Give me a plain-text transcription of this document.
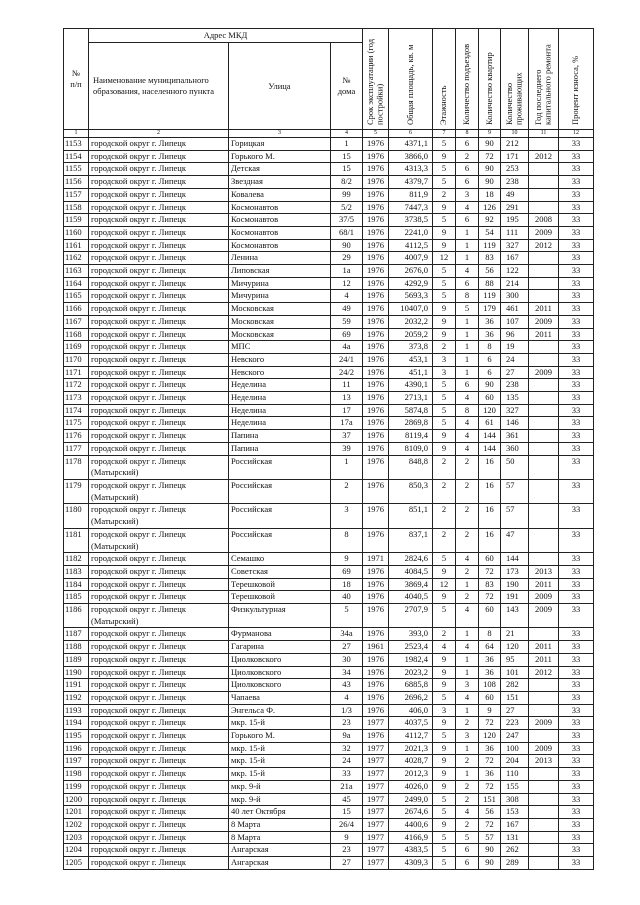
№ п/п	Адрес МКД			Срок эксплуатации (год постройки)	Общая площадь, кв. м	Этажность	Количество подъездов	Количество квартир	Количество проживающих	Год последнего капитального ремонта	Процент износа, %
	Наименование муниципального образования, населенного пункта	Улица	№ дома								
1	2	3	4	5	6	7	8	9	10	11	12
1153	городской округ г. Липецк	Горицкая	1	1976	4371,1	5	6	90	212		33
1154	городской округ г. Липецк	Горького М.	15	1976	3866,0	9	2	72	171	2012	33
1155	городской округ г. Липецк	Детская	15	1976	4313,3	5	6	90	253		33
1156	городской округ г. Липецк	Звездная	8/2	1976	4379,7	5	6	90	238		33
1157	городской округ г. Липецк	Ковалева	99	1976	811,9	2	3	18	49		33
1158	городской округ г. Липецк	Космонавтов	5/2	1976	7447,3	9	4	126	291		33
1159	городской округ г. Липецк	Космонавтов	37/5	1976	3738,5	5	6	92	195	2008	33
1160	городской округ г. Липецк	Космонавтов	68/1	1976	2241,0	9	1	54	111	2009	33
1161	городской округ г. Липецк	Космонавтов	90	1976	4112,5	9	1	119	327	2012	33
1162	городской округ г. Липецк	Ленина	29	1976	4007,9	12	1	83	167		33
1163	городской округ г. Липецк	Липовская	1а	1976	2676,0	5	4	56	122		33
1164	городской округ г. Липецк	Мичурина	12	1976	4292,9	5	6	88	214		33
1165	городской округ г. Липецк	Мичурина	4	1976	5693,3	5	8	119	300		33
1166	городской округ г. Липецк	Московская	49	1976	10407,0	9	5	179	461	2011	33
1167	городской округ г. Липецк	Московская	59	1976	2032,2	9	1	36	107	2009	33
1168	городской округ г. Липецк	Московская	69	1976	2059,2	9	1	36	96	2011	33
1169	городской округ г. Липецк	МПС	4а	1976	373,8	2	1	8	19		33
1170	городской округ г. Липецк	Невского	24/1	1976	453,1	3	1	6	24		33
1171	городской округ г. Липецк	Невского	24/2	1976	451,1	3	1	6	27	2009	33
1172	городской округ г. Липецк	Неделина	11	1976	4390,1	5	6	90	238		33
1173	городской округ г. Липецк	Неделина	13	1976	2713,1	5	4	60	135		33
1174	городской округ г. Липецк	Неделина	17	1976	5874,8	5	8	120	327		33
1175	городской округ г. Липецк	Неделина	17а	1976	2869,8	5	4	61	146		33
1176	городской округ г. Липецк	Папина	37	1976	8119,4	9	4	144	361		33
1177	городской округ г. Липецк	Папина	39	1976	8109,0	9	4	144	360		33
1178	городской округ г. Липецк (Матырский)	Российская	1	1976	848,8	2	2	16	50		33
1179	городской округ г. Липецк (Матырский)	Российская	2	1976	850,3	2	2	16	57		33
1180	городской округ г. Липецк (Матырский)	Российская	3	1976	851,1	2	2	16	57		33
1181	городской округ г. Липецк (Матырский)	Российская	8	1976	837,1	2	2	16	47		33
1182	городской округ г. Липецк	Семашко	9	1971	2824,6	5	4	60	144		33
1183	городской округ г. Липецк	Советская	69	1976	4084,5	9	2	72	173	2013	33
1184	городской округ г. Липецк	Терешковой	18	1976	3869,4	12	1	83	190	2011	33
1185	городской округ г. Липецк	Терешковой	40	1976	4040,5	9	2	72	191	2009	33
1186	городской округ г. Липецк (Матырский)	Физкультурная	5	1976	2707,9	5	4	60	143	2009	33
1187	городской округ г. Липецк	Фурманова	34а	1976	393,0	2	1	8	21		33
1188	городской округ г. Липецк	Гагарина	27	1961	2523,4	4	4	64	120	2011	33
1189	городской округ г. Липецк	Циолковского	30	1976	1982,4	9	1	36	95	2011	33
1190	городской округ г. Липецк	Циолковского	34	1976	2023,2	9	1	36	101	2012	33
1191	городской округ г. Липецк	Циолковского	43	1976	6885,8	9	3	108	282		33
1192	городской округ г. Липецк	Чапаева	4	1976	2696,2	5	4	60	151		33
1193	городской округ г. Липецк	Энгельса Ф.	1/3	1976	406,0	3	1	9	27		33
1194	городской округ г. Липецк	мкр. 15-й	23	1977	4037,5	9	2	72	223	2009	33
1195	городской округ г. Липецк	Горького М.	9а	1976	4112,7	5	3	120	247		33
1196	городской округ г. Липецк	мкр. 15-й	32	1977	2021,3	9	1	36	100	2009	33
1197	городской округ г. Липецк	мкр. 15-й	24	1977	4028,7	9	2	72	204	2013	33
1198	городской округ г. Липецк	мкр. 15-й	33	1977	2012,3	9	1	36	110		33
1199	городской округ г. Липецк	мкр. 9-й	21а	1977	4026,0	9	2	72	155		33
1200	городской округ г. Липецк	мкр. 9-й	45	1977	2499,0	5	2	151	308		33
1201	городской округ г. Липецк	40 лет Октября	15	1977	2674,6	5	4	56	153		33
1202	городской округ г. Липецк	8 Марта	26/4	1977	4400,6	9	2	72	167		33
1203	городской округ г. Липецк	8 Марта	9	1977	4166,9	5	5	57	131		33
1204	городской округ г. Липецк	Ангарская	23	1977	4383,5	5	6	90	262		33
1205	городской округ г. Липецк	Ангарская	27	1977	4309,3	5	6	90	289		33
